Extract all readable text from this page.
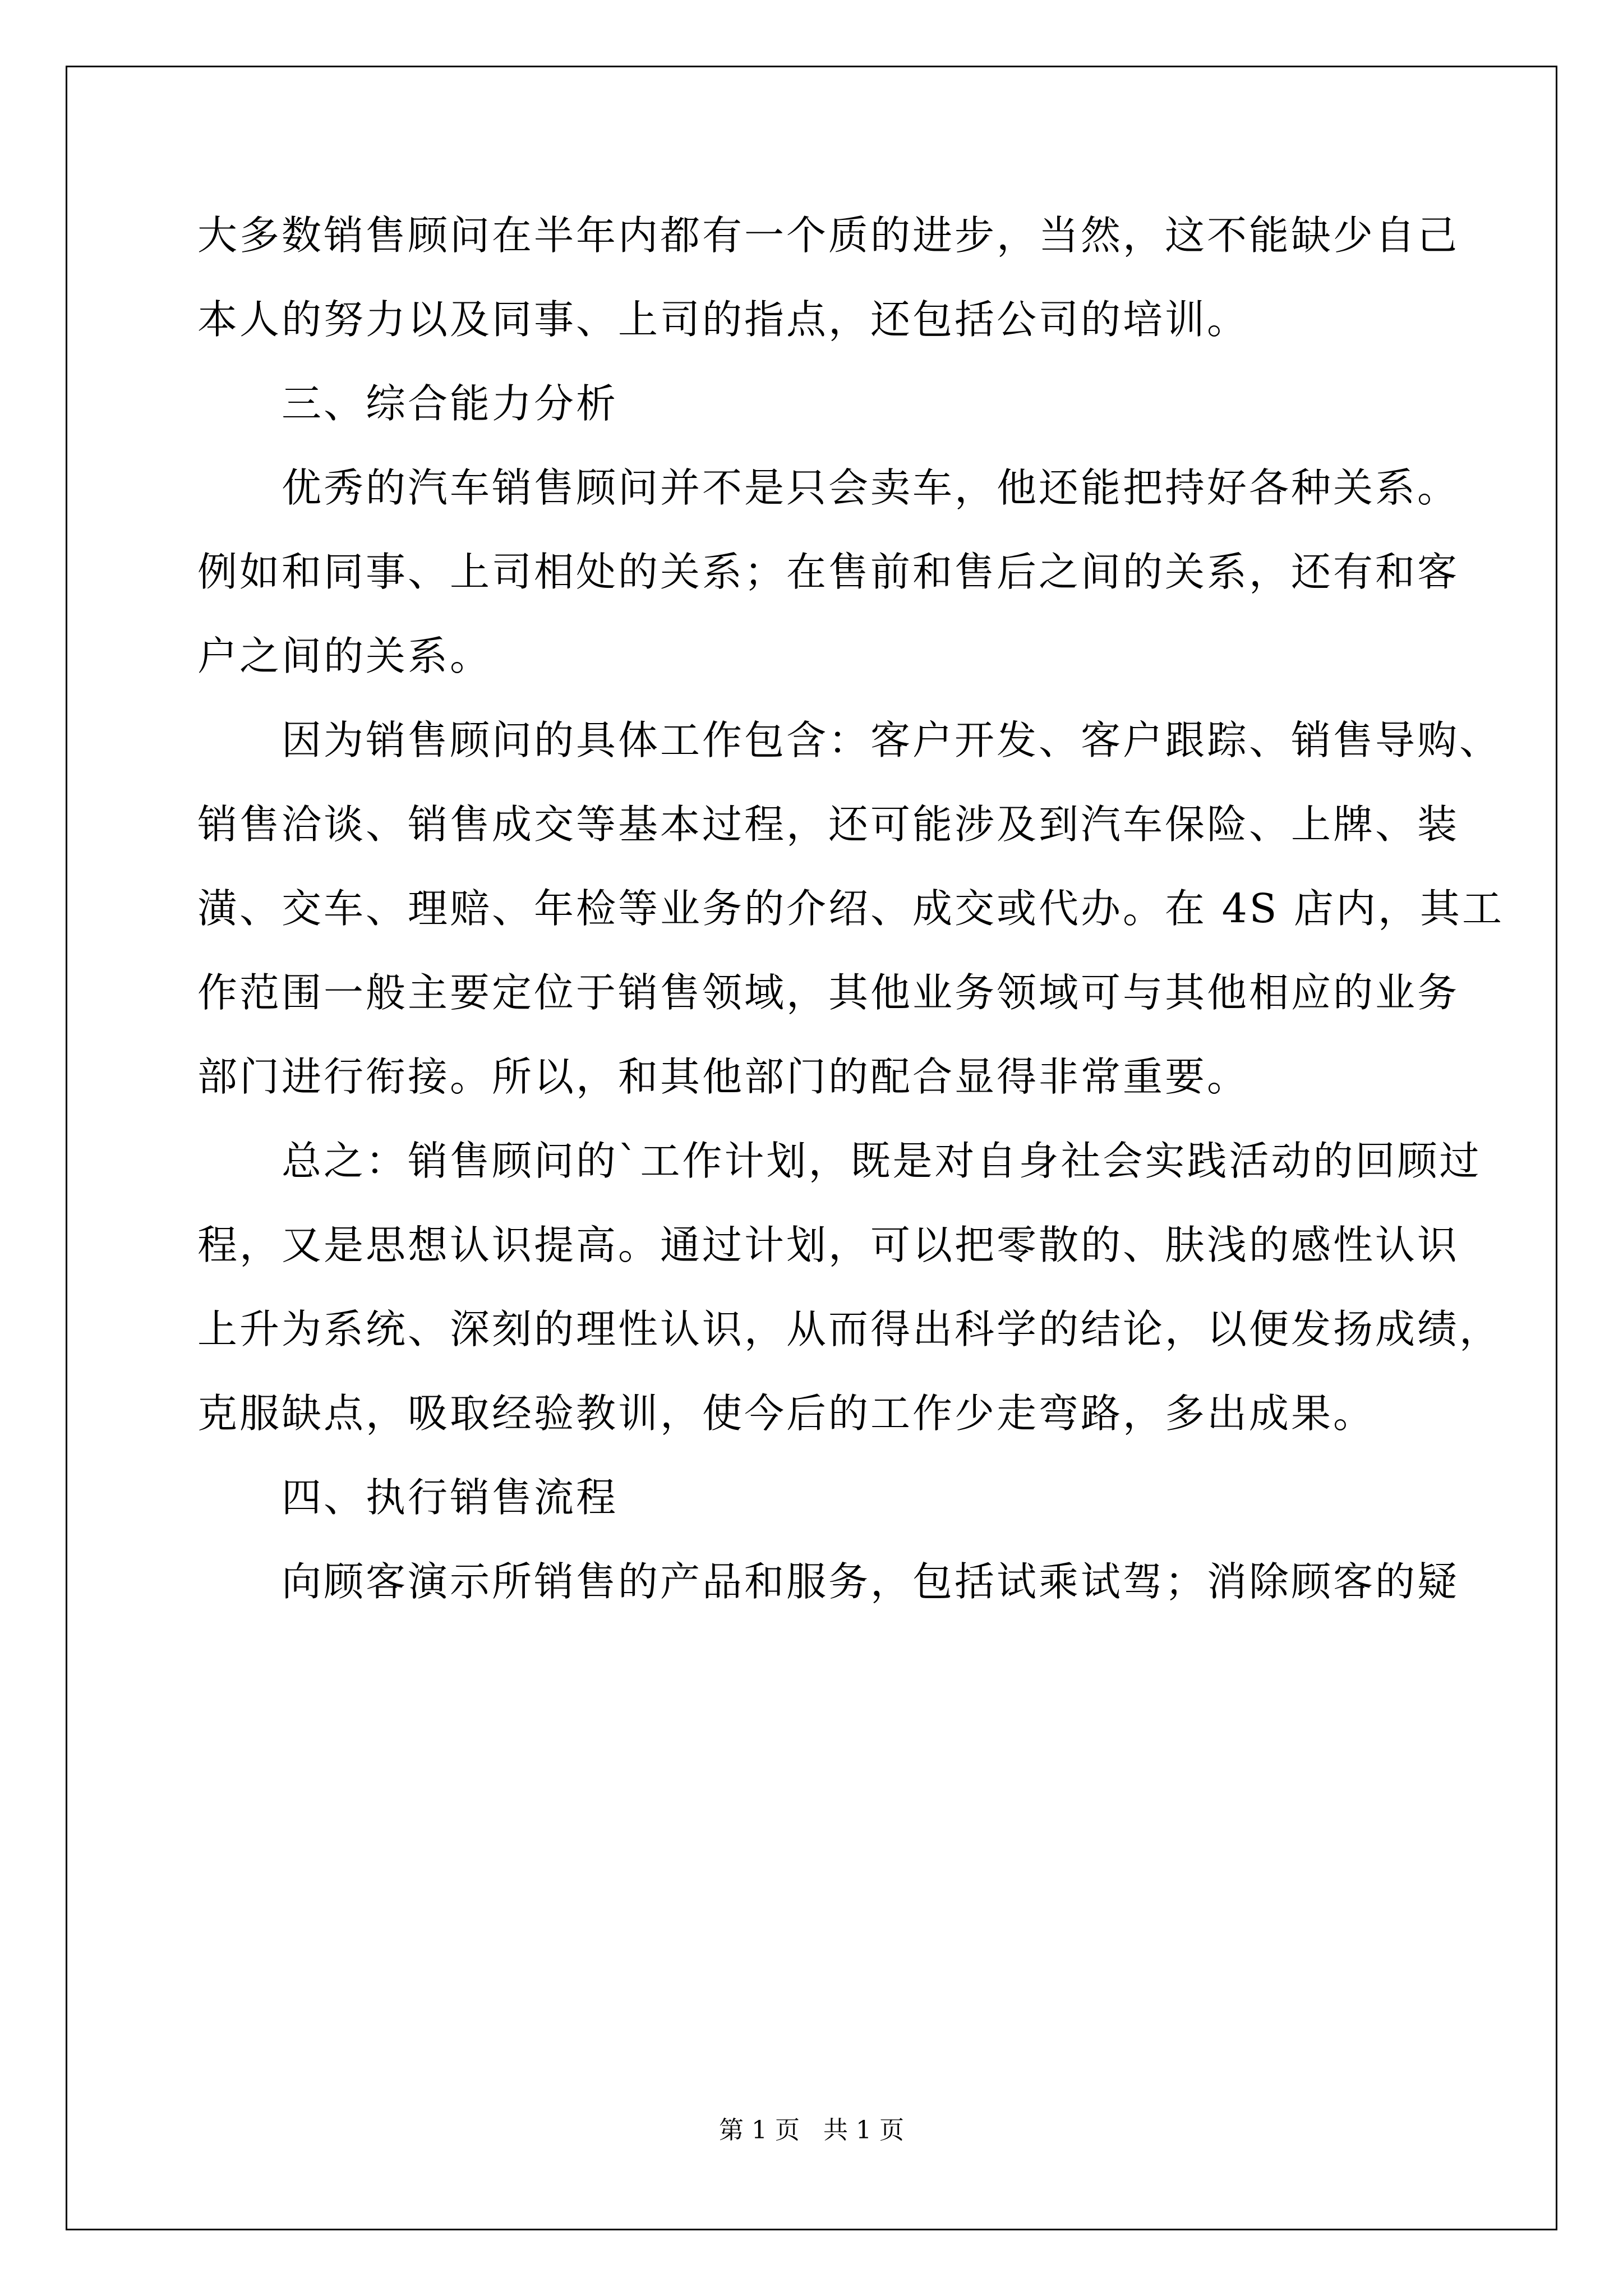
大多数销售顾问在半年内都有一个质的进步，当然，这不能缺少自己
本人的努力以及同事、上司的指点，还包括公司的培训。
三、综合能力分析
优秀的汽车销售顾问并不是只会卖车，他还能把持好各种关系。
例如和同事、上司相处的关系；在售前和售后之间的关系，还有和客
户之间的关系。
因为销售顾问的具体工作包含：客户开发、客户跟踪、销售导购、
销售洽谈、销售成交等基本过程，还可能涉及到汽车保险、上牌、装
潢、交车、理赔、年检等业务的介绍、成交或代办。在 4S 店内，其工
作范围一般主要定位于销售领域，其他业务领域可与其他相应的业务
部门进行衔接。所以，和其他部门的配合显得非常重要。
总之：销售顾问的`工作计划，既是对自身社会实践活动的回顾过
程，又是思想认识提高。通过计划，可以把零散的、肤浅的感性认识
上升为系统、深刻的理性认识，从而得出科学的结论，以便发扬成绩，
克服缺点，吸取经验教训，使今后的工作少走弯路，多出成果。
四、执行销售流程
向顾客演示所销售的产品和服务，包括试乘试驾；消除顾客的疑
第 1 页   共 1 页
